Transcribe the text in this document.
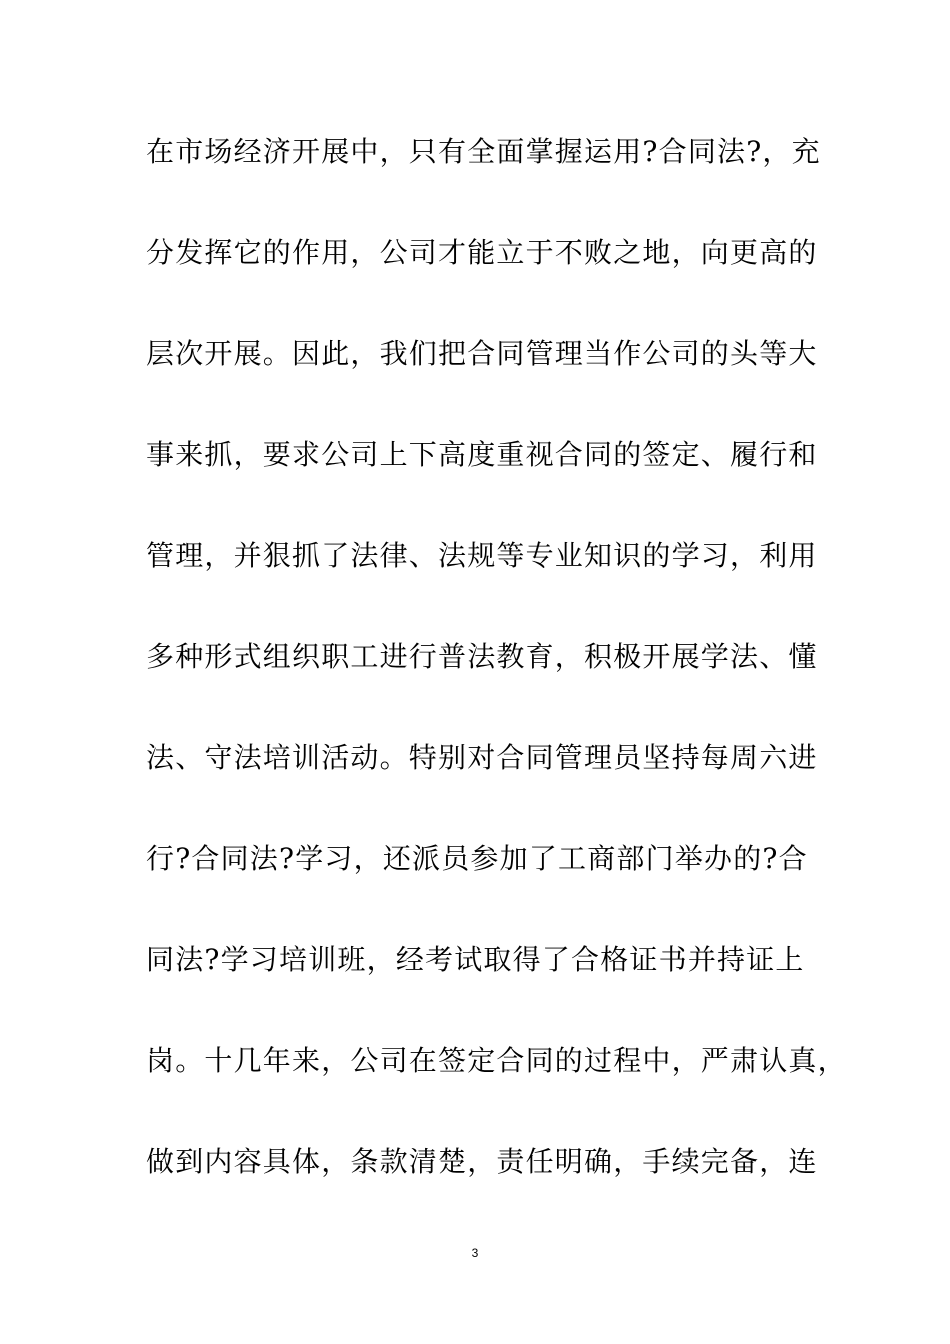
在市场经济开展中，只有全面掌握运用?合同法?，充
分发挥它的作用，公司才能立于不败之地，向更高的
层次开展。因此，我们把合同管理当作公司的头等大
事来抓，要求公司上下高度重视合同的签定、履行和
管理，并狠抓了法律、法规等专业知识的学习，利用
多种形式组织职工进行普法教育，积极开展学法、懂
法、守法培训活动。特别对合同管理员坚持每周六进
行?合同法?学习，还派员参加了工商部门举办的?合
同法?学习培训班，经考试取得了合格证书并持证上
岗。十几年来，公司在签定合同的过程中，严肃认真，
做到内容具体，条款清楚，责任明确，手续完备，连
3
